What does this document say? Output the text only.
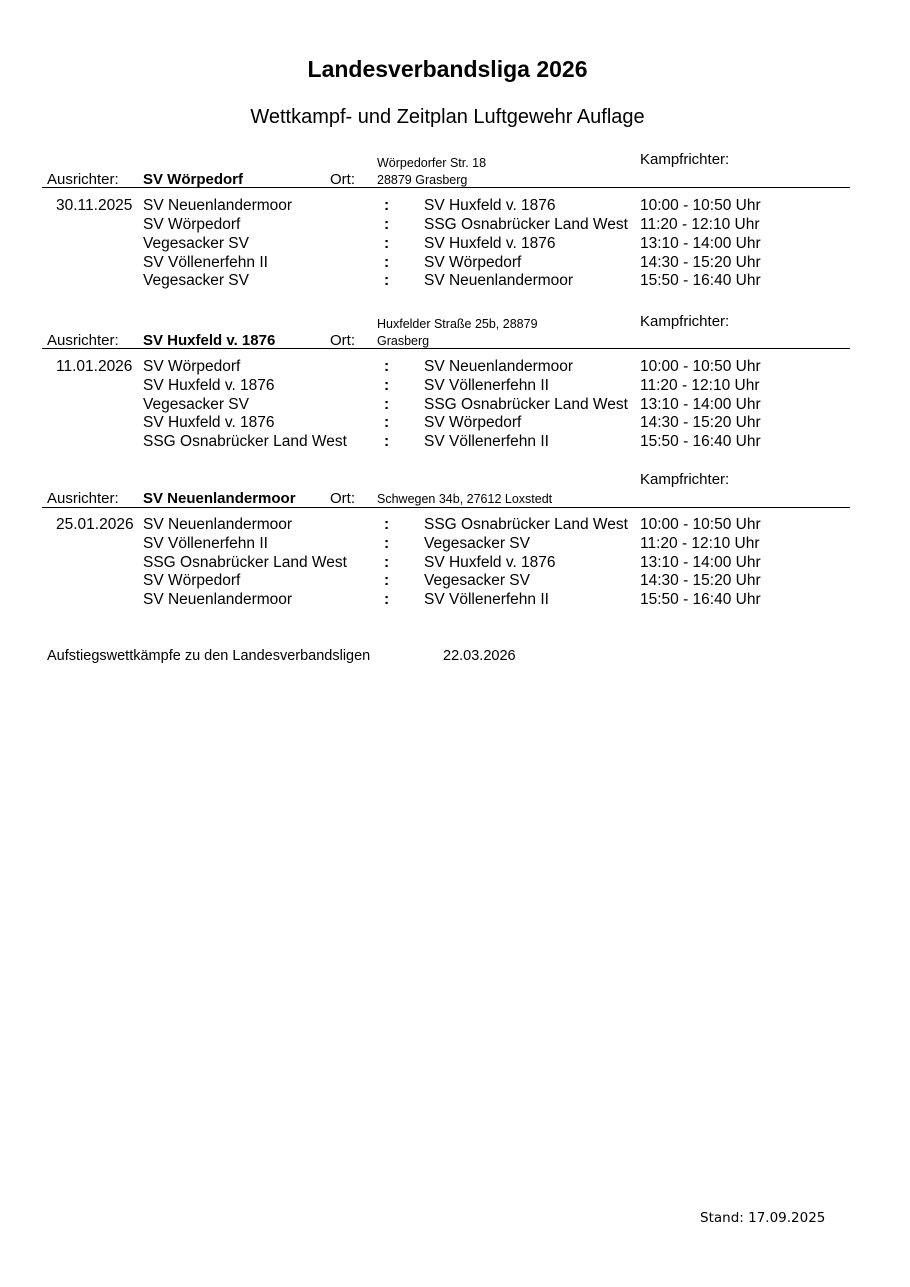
Landesverbandsliga 2026
Wettkampf- und Zeitplan Luftgewehr Auflage
Wörpedorfer Str. 18
28879 Grasberg
Kampfrichter:
Ausrichter: SV Wörpedorf	Ort:
30.11.2025 SV Neuenlandermoor	: SV Huxfeld v. 1876	10:00 - 10:50 Uhr
SV Wörpedorf	: SSG Osnabrücker Land West 11:20 - 12:10 Uhr
Vegesacker SV	: SV Huxfeld v. 1876	13:10 - 14:00 Uhr
SV Völlenerfehn II	: SV Wörpedorf	14:30 - 15:20 Uhr
Vegesacker SV	: SV Neuenlandermoor	15:50 - 16:40 Uhr
Huxfelder Straße 25b, 28879
Grasberg
Kampfrichter:
Ausrichter: SV Huxfeld v. 1876	Ort:
11.01.2026 SV Wörpedorf	: SV Neuenlandermoor	10:00 - 10:50 Uhr
SV Huxfeld v. 1876	: SV Völlenerfehn II	11:20 - 12:10 Uhr
Vegesacker SV	: SSG Osnabrücker Land West 13:10 - 14:00 Uhr
SV Huxfeld v. 1876	: SV Wörpedorf	14:30 - 15:20 Uhr
SSG Osnabrücker Land West : SV Völlenerfehn II	15:50 - 16:40 Uhr
Kampfrichter:
Schwegen 34b, 27612 Loxstedt
Ausrichter: SV Neuenlandermoor Ort:
25.01.2026 SV Neuenlandermoor	: SSG Osnabrücker Land West 10:00 - 10:50 Uhr
SV Völlenerfehn II	: Vegesacker SV	11:20 - 12:10 Uhr
SSG Osnabrücker Land West : SV Huxfeld v. 1876	13:10 - 14:00 Uhr
SV Wörpedorf	: Vegesacker SV	14:30 - 15:20 Uhr
SV Neuenlandermoor	: SV Völlenerfehn II	15:50 - 16:40 Uhr
Aufstiegswettkämpfe zu den Landesverbandsligen	22.03.2026
Stand: 17.09.2025
